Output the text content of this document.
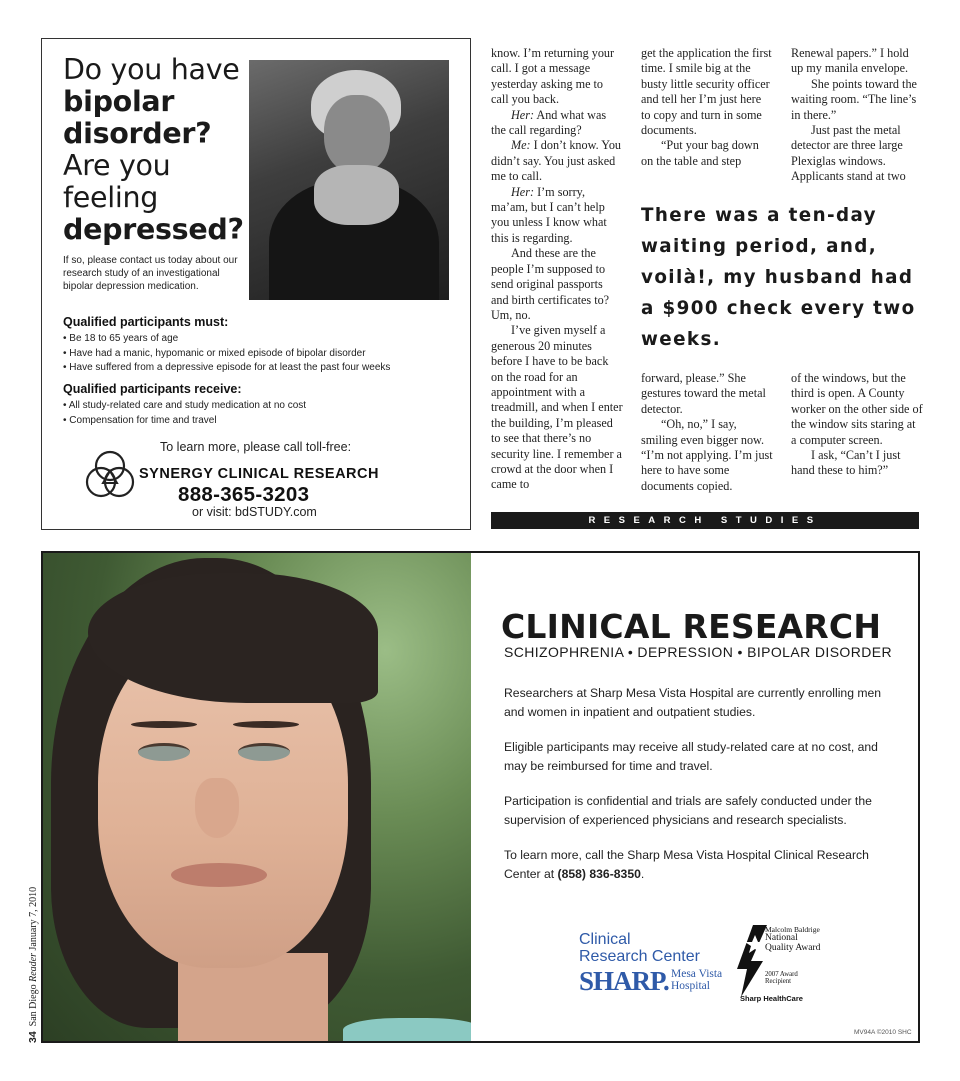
Do you have
bipolar
disorder?
Are you
feeling
depressed?
If so, please contact us today about our research study of an investigational bipolar depression medication.
Qualified participants must:
• Be 18 to 65 years of age
• Have had a manic, hypomanic or mixed episode of bipolar disorder
• Have suffered from a depressive episode for at least the past four weeks
Qualified participants receive:
• All study-related care and study medication at no cost
• Compensation for time and travel
To learn more, please call toll-free:
SYNERGY CLINICAL RESEARCH
888-365-3203
or visit: bdSTUDY.com

know. I’m returning your call. I got a message yesterday asking me to call you back.

Her: And what was the call regarding?

Me: I don’t know. You didn’t say. You just asked me to call.

Her: I’m sorry, ma’am, but I can’t help you unless I know what this is regarding.

And these are the people I’m supposed to send original passports and birth certificates to? Um, no.

I’ve given myself a generous 20 minutes before I have to be back on the road for an appointment with a treadmill, and when I enter the building, I’m pleased to see that there’s no security line. I remember a crowd at the door when I came to

get the application the first time. I smile big at the busty little security officer and tell her I’m just here to copy and turn in some documents.

“Put your bag down on the table and step

Renewal papers.” I hold up my manila envelope.

She points toward the waiting room. “The line’s in there.”

Just past the metal detector are three large Plexiglas windows. Applicants stand at two

There was a ten-day waiting period, and, voilà!, my husband had a $900 check every two weeks.

forward, please.” She gestures toward the metal detector.

“Oh, no,” I say, smiling even bigger now. “I’m not applying. I’m just here to have some documents copied.

of the windows, but the third is open. A County worker on the other side of the window sits staring at a computer screen.

I ask, “Can’t I just hand these to him?”

RESEARCH STUDIES
CLINICAL RESEARCH
SCHIZOPHRENIA • DEPRESSION • BIPOLAR DISORDER

Researchers at Sharp Mesa Vista Hospital are currently enrolling men and women in inpatient and outpatient studies.

Eligible participants may receive all study-related care at no cost, and may be reimbursed for time and travel.

Participation is confidential and trials are safely conducted under the supervision of experienced physicians and research specialists.

To learn more, call the Sharp Mesa Vista Hospital Clinical Research Center at (858) 836-8350.

Clinical
Research Center
SHARP. Mesa Vista
Hospital
Malcolm Baldrige
National Quality Award
2007 Award Recipient
Sharp HealthCare
MV94A ©2010 SHC
34San Diego Reader January 7, 2010
